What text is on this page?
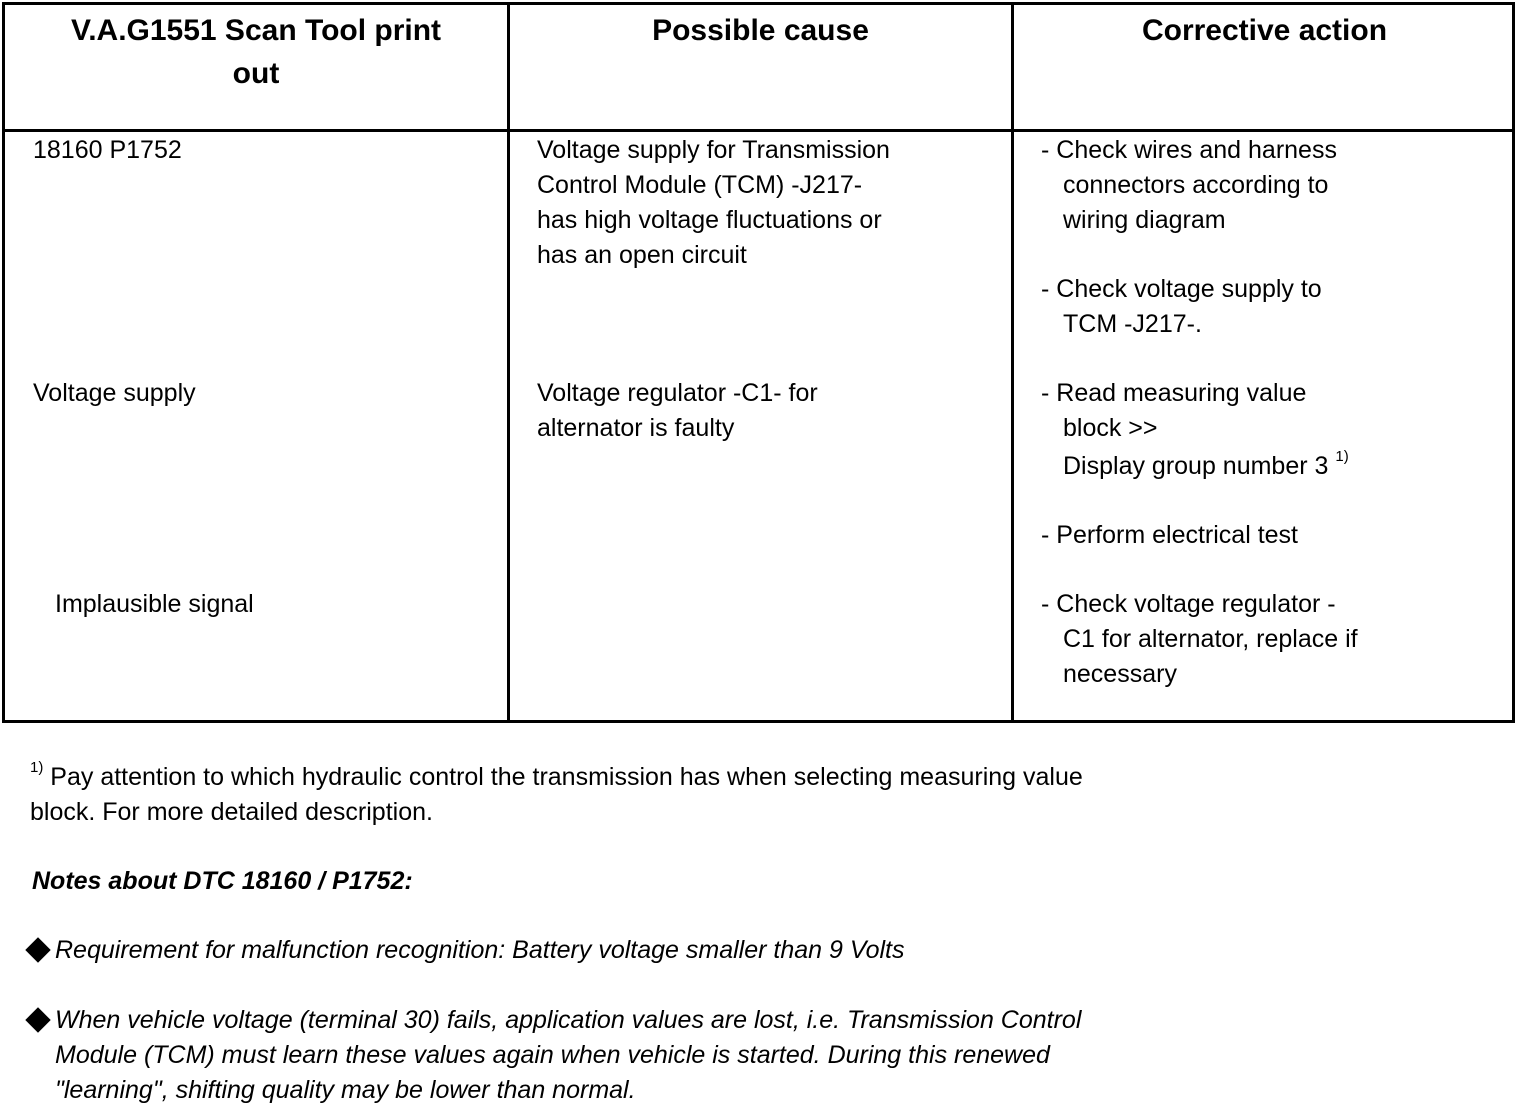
V.A.G1551 Scan Tool print
out
Possible cause	Corrective action
18160 P1752
Voltage supply
Implausible signal
Voltage supply for Transmission
Control Module (TCM) -J217-
has high voltage fluctuations or
has an open circuit
Voltage regulator -C1- for
alternator is faulty
- Check wires and harness
connectors according to
wiring diagram
- Check voltage supply to
TCM -J217-.
- Read measuring value
block >>
Display group number 3 $^{1)}$
- Perform electrical test
- Check voltage regulator -
C1 for alternator, replace if
necessary
$^{1)}$ Pay attention to which hydraulic control the transmission has when selecting measuring value
block. For more detailed description.
Notes about DTC 18160 / P1752:
Requirement for malfunction recognition: Battery voltage smaller than 9 Volts
When vehicle voltage (terminal 30) fails, application values are lost, i.e. Transmission Control
Module (TCM) must learn these values again when vehicle is started. During this renewed
"learning", shifting quality may be lower than normal.
